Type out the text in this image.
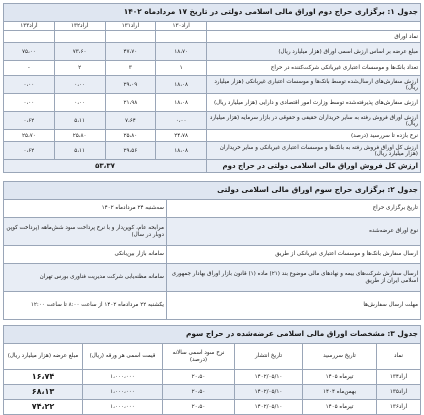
جدول ۱: برگزاری حراج دوم اوراق مالی اسلامی دولتی در تاریخ ۱۷ مردادماه ۱۴۰۲				
	اراد۱۳۰	اراد۱۳۱	اراد۱۳۲	اراد۱۳۳
نماد اوراق				
مبلغ عرضه بر اساس ارزش اسمی اوراق (هزار میلیارد ریال)	۱۸،۷۰	۴۷،۷۰	۷۳،۶۰	۷۵،۰۰
تعداد بانک‌ها و موسسات اعتباری غیربانکی شرکت‌کننده در حراج	۱	۳	۲	-
ارزش سفارش‌های ارسال‌شده توسط بانک‌ها و موسسات اعتباری غیربانکی (هزار میلیارد ریال)	۱۸،۰۸	۲۹،۰۹	۰،۰۰	۰،۰۰
ارزش سفارش‌های پذیرفته‌شده توسط وزارت امور اقتصادی و دارایی (هزار میلیارد ریال)	۱۸،۰۸	۲۱،۹۸	۰،۰۰	۰،۰۰
ارزش اوراق فروش رفته به سایر خریداران حقیقی و حقوقی در بازار سرمایه (هزار میلیارد ریال)	۰،۰۰	۷،۶۴	۵،۱۱	۰،۶۲
نرخ بازده تا سررسید (درصد)	۲۴،۷۸	۲۵،۸۰	۲۵،۸۰	۲۵،۷۰
ارزش کل اوراق فروش رفته به بانک‌ها و موسسات اعتباری غیربانکی و سایر خریداران (هزار میلیارد ریال)	۱۸،۰۸	۲۹،۵۶	۵،۱۱	۰،۶۲
ارزش کل فروش اوراق مالی اسلامی دولتی در حراج دوم	۵۳،۳۷			
جدول ۲: برگزاری حراج سوم اوراق مالی اسلامی دولتی	
تاریخ برگزاری حراج	سه‌شنبه ۲۴ مردادماه ۱۴۰۲
نوع اوراق عرضه‌شده	مرابحه عام، کوپن‌دار و با نرخ پرداخت سود شش‌ماهه (پرداخت کوپن دوبار در سال)
ارسال سفارش بانک‌ها و موسسات اعتباری غیربانکی از طریق	سامانه بازار بین‌بانکی
ارسال سفارش شرکت‌های بیمه و نهادهای مالی موضوع بند (۲۱) ماده (۱) قانون بازار اوراق بهادار جمهوری اسلامی ایران از طریق	سامانه مظنه‌یابی شرکت مدیریت فناوری بورس تهران
مهلت ارسال سفارش‌ها	یکشنبه ۲۲ مردادماه ۱۴۰۲ از ساعت ۸:۰۰ تا ساعت ۱۲:۰۰
جدول ۳: مشخصات اوراق مالی اسلامی عرضه‌شده در حراج سوم					
نماد	تاریخ سررسید	تاریخ انتشار	نرخ سود اسمی سالانه (درصد)	قیمت اسمی هر ورقه (ریال)	مبلغ عرضه (هزار میلیارد ریال)
اراد۱۳۴	تیرماه ۱۴۰۵	۱۴۰۲/۰۵/۱۰	۲۰،۵۰	۱،۰۰۰،۰۰۰	۱۶،۷۴
اراد۱۳۵	بهمن‌ماه ۱۴۰۴	۱۴۰۲/۰۵/۱۰	۲۰،۵۰	۱،۰۰۰،۰۰۰	۶۸،۱۳
اراد۱۳۶	تیرماه ۱۴۰۵	۱۴۰۲/۰۵/۱۰	۲۰،۵۰	۱،۰۰۰،۰۰۰	۷۴،۲۲
